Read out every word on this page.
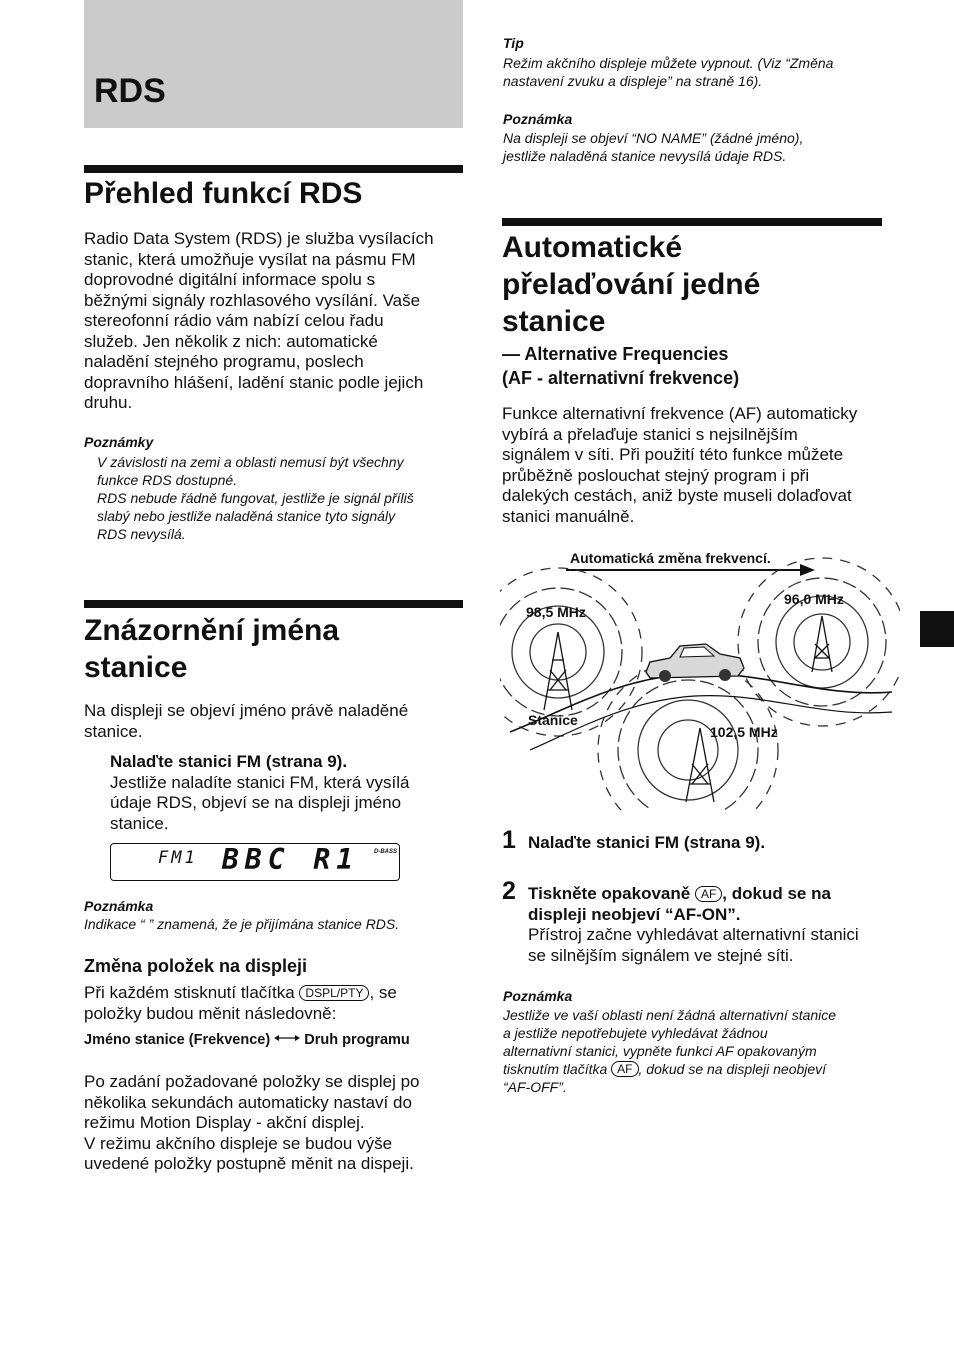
RDS
Přehled funkcí RDS

Radio Data System (RDS) je služba vysílacích

stanic, která umožňuje vysílat na pásmu FM

doprovodné digitální informace spolu s

běžnými signály rozhlasového vysílání. Vaše

stereofonní rádio vám nabízí celou řadu

služeb. Jen několik z nich: automatické

naladění stejného programu, poslech

dopravního hlášení, ladění stanic podle jejich

druhu.

Poznámky

V závislosti na zemi a oblasti nemusí být všechny

funkce RDS dostupné.

RDS nebude řádně fungovat, jestliže je signál příliš

slabý nebo jestliže naladěná stanice tyto signály

RDS nevysílá.

Znázornění jména
stanice

Na displeji se objeví jméno právě naladěné

stanice.

Nalaďte stanici FM (strana 9).

Jestliže naladíte stanici FM, která vysílá

údaje RDS, objeví se na displeji jméno

stanice.

FM1 BBC R1 D-BASS
Poznámka
Indikace “ ” znamená, že je přijímána stanice RDS.
Změna položek na displeji

Při každém stisknutí tlačítka DSPL/PTY , se

položky budou měnit následovně:

Jméno stanice (Frekvence) Druh programu

Po zadání požadované položky se displej po

několika sekundách automaticky nastaví do

režimu Motion Display - akční displej.

V režimu akčního displeje se budou výše

uvedené položky postupně měnit na dispeji.

Tip

Režim akčního displeje můžete vypnout. (Viz “Změna

nastavení zvuku a displeje” na straně 16).

Poznámka

Na displeji se objeví “NO NAME” (žádné jméno),

jestliže naladěná stanice nevysílá údaje RDS.

Automatické
přelaďování jedné
stanice

— Alternative Frequencies

(AF - alternativní frekvence)

Funkce alternativní frekvence (AF) automaticky

vybírá a přelaďuje stanici s nejsilnějším

signálem v síti. Při použití této funkce můžete

průběžně poslouchat stejný program i při

dalekých cestách, aniž byste museli dolaďovat

stanici manuálně.

Automatická změna frekvencí.
98,5 MHz
96,0 MHz
102,5 MHz
Stanice
1 Nalaďte stanici FM (strana 9).
2 Tiskněte opakovaně AF , dokud se na

displeji neobjeví “AF-ON”.

Přístroj začne vyhledávat alternativní stanici

se silnějším signálem ve stejné síti.

Poznámka

Jestliže ve vaší oblasti není žádná alternativní stanice

a jestliže nepotřebujete vyhledávat žádnou

alternativní stanici, vypněte funkci AF opakovaným

tisknutím tlačítka AF , dokud se na displeji neobjeví

“AF-OFF”.
